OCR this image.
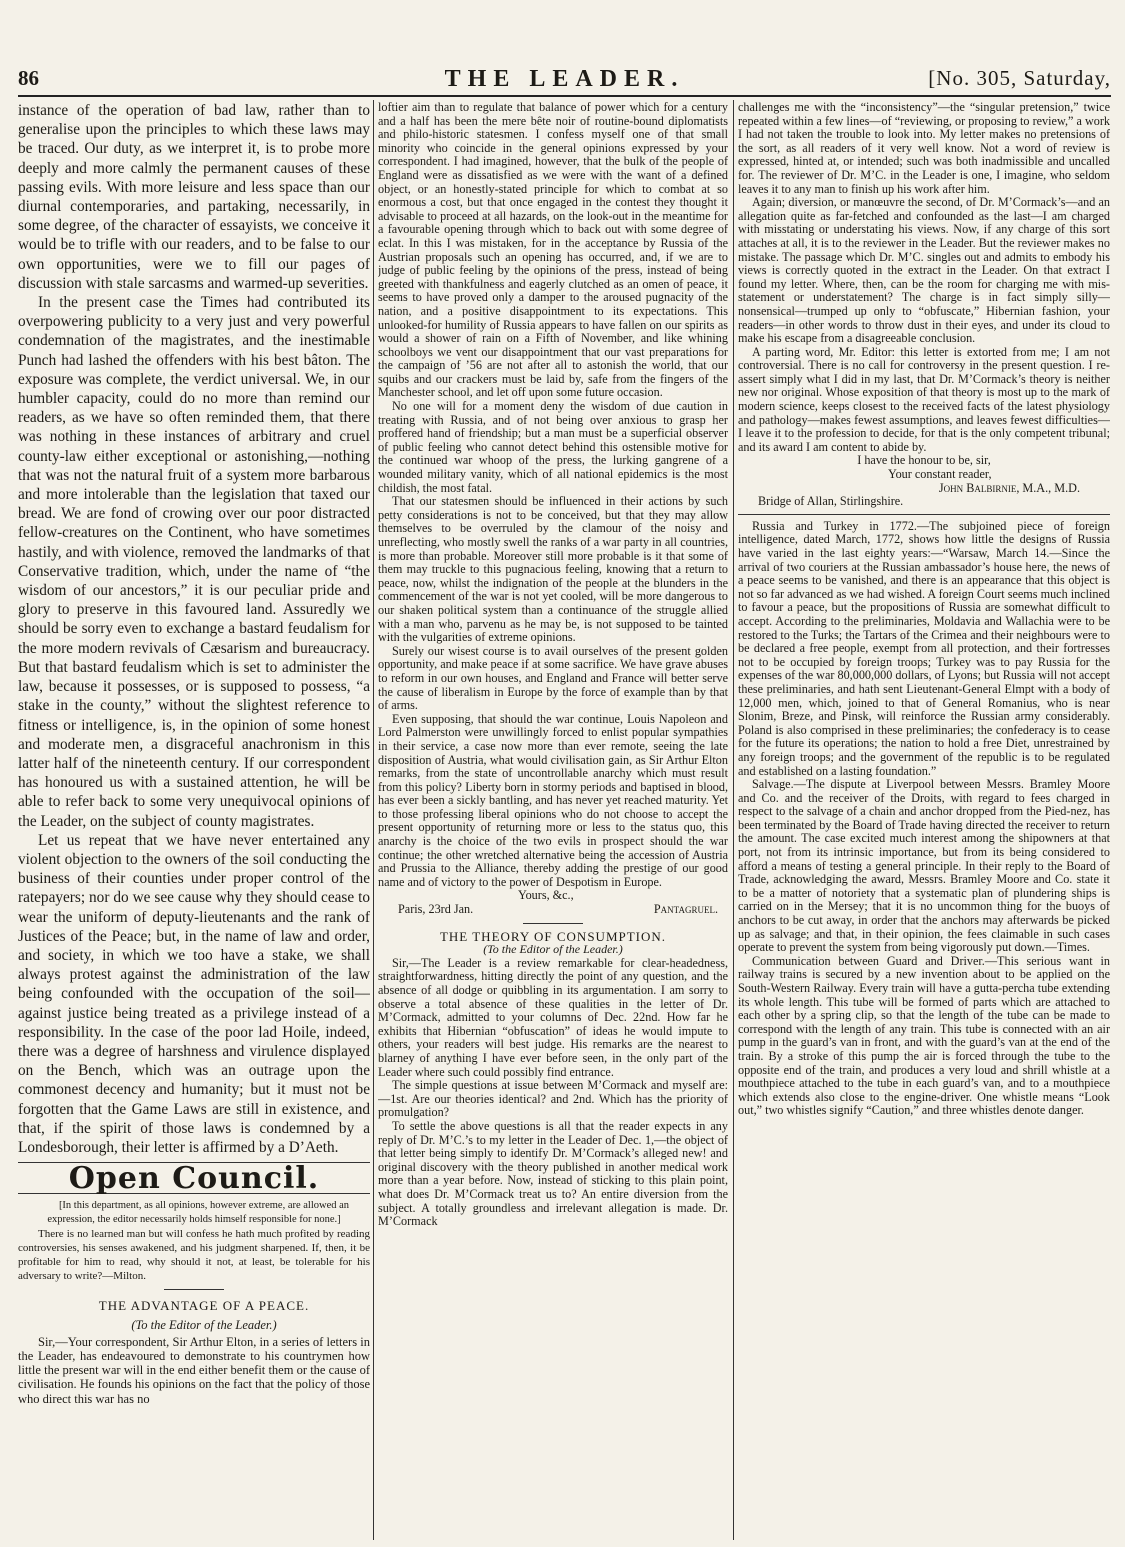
86	THE LEADER.	[No. 305, Saturday,

instance of the operation of bad law, rather than to generalise upon the principles to which these laws may be traced. Our duty, as we interpret it, is to probe more deeply and more calmly the permanent causes of these passing evils. With more leisure and less space than our diurnal contemporaries, and partaking, necessarily, in some degree, of the character of essayists, we conceive it would be to trifle with our readers, and to be false to our own opportunities, were we to fill our pages of discussion with stale sarcasms and warmed-up severities.

In the present case the Times had contributed its overpowering publicity to a very just and very powerful condemnation of the magistrates, and the inestimable Punch had lashed the offenders with his best bâton. The exposure was complete, the verdict universal. We, in our humbler capacity, could do no more than remind our readers, as we have so often reminded them, that there was nothing in these instances of arbitrary and cruel county-law either exceptional or astonishing,—nothing that was not the natural fruit of a system more barbarous and more intolerable than the legislation that taxed our bread. We are fond of crowing over our poor distracted fellow-creatures on the Continent, who have sometimes hastily, and with violence, removed the landmarks of that Conservative tradition, which, under the name of “the wisdom of our ancestors,” it is our peculiar pride and glory to preserve in this favoured land. Assuredly we should be sorry even to exchange a bastard feudalism for the more modern revivals of Cæsarism and bureaucracy. But that bastard feudalism which is set to administer the law, because it possesses, or is supposed to possess, “a stake in the county,” without the slightest reference to fitness or intelligence, is, in the opinion of some honest and moderate men, a disgraceful anachronism in this latter half of the nineteenth century. If our correspondent has honoured us with a sustained attention, he will be able to refer back to some very unequivocal opinions of the Leader, on the subject of county magistrates.

Let us repeat that we have never entertained any violent objection to the owners of the soil conducting the business of their counties under proper control of the ratepayers; nor do we see cause why they should cease to wear the uniform of deputy-lieutenants and the rank of Justices of the Peace; but, in the name of law and order, and society, in which we too have a stake, we shall always protest against the administration of the law being confounded with the occupation of the soil—against justice being treated as a privilege instead of a responsibility. In the case of the poor lad Hoile, indeed, there was a degree of harshness and virulence displayed on the Bench, which was an outrage upon the commonest decency and humanity; but it must not be forgotten that the Game Laws are still in existence, and that, if the spirit of those laws is condemned by a Londesborough, their letter is affirmed by a D’Aeth.

Open Council.

[In this department, as all opinions, however extreme, are allowed an expression, the editor necessarily holds himself responsible for none.]

There is no learned man but will confess he hath much profited by reading controversies, his senses awakened, and his judgment sharpened. If, then, it be profitable for him to read, why should it not, at least, be tolerable for his adversary to write?—Milton.

THE ADVANTAGE OF A PEACE.

(To the Editor of the Leader.)

Sir,—Your correspondent, Sir Arthur Elton, in a series of letters in the Leader, has endeavoured to demonstrate to his countrymen how little the present war will in the end either benefit them or the cause of civilisation. He founds his opinions on the fact that the policy of those who direct this war has no

loftier aim than to regulate that balance of power which for a century and a half has been the mere bête noir of routine-bound diplomatists and philo-historic statesmen. I confess myself one of that small minority who coincide in the general opinions expressed by your correspondent. I had imagined, however, that the bulk of the people of England were as dissatisfied as we were with the want of a defined object, or an honestly-stated principle for which to combat at so enormous a cost, but that once engaged in the contest they thought it advisable to proceed at all hazards, on the look-out in the meantime for a favourable opening through which to back out with some degree of eclat. In this I was mistaken, for in the acceptance by Russia of the Austrian proposals such an opening has occurred, and, if we are to judge of public feeling by the opinions of the press, instead of being greeted with thankfulness and eagerly clutched as an omen of peace, it seems to have proved only a damper to the aroused pugnacity of the nation, and a positive disappointment to its expectations. This unlooked-for humility of Russia appears to have fallen on our spirits as would a shower of rain on a Fifth of November, and like whining schoolboys we vent our disappointment that our vast preparations for the campaign of ’56 are not after all to astonish the world, that our squibs and our crackers must be laid by, safe from the fingers of the Manchester school, and let off upon some future occasion.

No one will for a moment deny the wisdom of due caution in treating with Russia, and of not being over anxious to grasp her proffered hand of friendship; but a man must be a superficial observer of public feeling who cannot detect behind this ostensible motive for the continued war whoop of the press, the lurking gangrene of a wounded military vanity, which of all national epidemics is the most childish, the most fatal.

That our statesmen should be influenced in their actions by such petty considerations is not to be conceived, but that they may allow themselves to be overruled by the clamour of the noisy and unreflecting, who mostly swell the ranks of a war party in all countries, is more than probable. Moreover still more probable is it that some of them may truckle to this pugnacious feeling, knowing that a return to peace, now, whilst the indignation of the people at the blunders in the commencement of the war is not yet cooled, will be more dangerous to our shaken political system than a continuance of the struggle allied with a man who, parvenu as he may be, is not supposed to be tainted with the vulgarities of extreme opinions.

Surely our wisest course is to avail ourselves of the present golden opportunity, and make peace if at some sacrifice. We have grave abuses to reform in our own houses, and England and France will better serve the cause of liberalism in Europe by the force of example than by that of arms.

Even supposing, that should the war continue, Louis Napoleon and Lord Palmerston were unwillingly forced to enlist popular sympathies in their service, a case now more than ever remote, seeing the late disposition of Austria, what would civilisation gain, as Sir Arthur Elton remarks, from the state of uncontrollable anarchy which must result from this policy? Liberty born in stormy periods and baptised in blood, has ever been a sickly bantling, and has never yet reached maturity. Yet to those professing liberal opinions who do not choose to accept the present opportunity of returning more or less to the status quo, this anarchy is the choice of the two evils in prospect should the war continue; the other wretched alternative being the accession of Austria and Prussia to the Alliance, thereby adding the prestige of our good name and of victory to the power of Despotism in Europe.

Yours, &c.,

Paris, 23rd Jan.	Pantagruel.

THE THEORY OF CONSUMPTION.

(To the Editor of the Leader.)

Sir,—The Leader is a review remarkable for clear-headedness, straightforwardness, hitting directly the point of any question, and the absence of all dodge or quibbling in its argumentation. I am sorry to observe a total absence of these qualities in the letter of Dr. M’Cormack, admitted to your columns of Dec. 22nd. How far he exhibits that Hibernian “obfuscation” of ideas he would impute to others, your readers will best judge. His remarks are the nearest to blarney of anything I have ever before seen, in the only part of the Leader where such could possibly find entrance.

The simple questions at issue between M’Cormack and myself are:—1st. Are our theories identical? and 2nd. Which has the priority of promulgation?

To settle the above questions is all that the reader expects in any reply of Dr. M’C.’s to my letter in the Leader of Dec. 1,—the object of that letter being simply to identify Dr. M’Cormack’s alleged new! and original discovery with the theory published in another medical work more than a year before. Now, instead of sticking to this plain point, what does Dr. M’Cormack treat us to? An entire diversion from the subject. A totally groundless and irrelevant allegation is made. Dr. M’Cormack

challenges me with the “inconsistency”—the “singular pretension,” twice repeated within a few lines—of “reviewing, or proposing to review,” a work I had not taken the trouble to look into. My letter makes no pretensions of the sort, as all readers of it very well know. Not a word of review is expressed, hinted at, or intended; such was both inadmissible and uncalled for. The reviewer of Dr. M’C. in the Leader is one, I imagine, who seldom leaves it to any man to finish up his work after him.

Again; diversion, or manœuvre the second, of Dr. M’Cormack’s—and an allegation quite as far-fetched and confounded as the last—I am charged with misstating or understating his views. Now, if any charge of this sort attaches at all, it is to the reviewer in the Leader. But the reviewer makes no mistake. The passage which Dr. M’C. singles out and admits to embody his views is correctly quoted in the extract in the Leader. On that extract I found my letter. Where, then, can be the room for charging me with mis-statement or understatement? The charge is in fact simply silly—nonsensical—trumped up only to “obfuscate,” Hibernian fashion, your readers—in other words to throw dust in their eyes, and under its cloud to make his escape from a disagreeable conclusion.

A parting word, Mr. Editor: this letter is extorted from me; I am not controversial. There is no call for controversy in the present question. I re-assert simply what I did in my last, that Dr. M’Cormack’s theory is neither new nor original. Whose exposition of that theory is most up to the mark of modern science, keeps closest to the received facts of the latest physiology and pathology—makes fewest assumptions, and leaves fewest difficulties—I leave it to the profession to decide, for that is the only competent tribunal; and its award I am content to abide by.

I have the honour to be, sir,

Your constant reader,

John Balbirnie, M.A., M.D.

Bridge of Allan, Stirlingshire.

Russia and Turkey in 1772.—The subjoined piece of foreign intelligence, dated March, 1772, shows how little the designs of Russia have varied in the last eighty years:—“Warsaw, March 14.—Since the arrival of two couriers at the Russian ambassador’s house here, the news of a peace seems to be vanished, and there is an appearance that this object is not so far advanced as we had wished. A foreign Court seems much inclined to favour a peace, but the propositions of Russia are somewhat difficult to accept. According to the preliminaries, Moldavia and Wallachia were to be restored to the Turks; the Tartars of the Crimea and their neighbours were to be declared a free people, exempt from all protection, and their fortresses not to be occupied by foreign troops; Turkey was to pay Russia for the expenses of the war 80,000,000 dollars, of Lyons; but Russia will not accept these preliminaries, and hath sent Lieutenant-General Elmpt with a body of 12,000 men, which, joined to that of General Romanius, who is near Slonim, Breze, and Pinsk, will reinforce the Russian army considerably. Poland is also comprised in these preliminaries; the confederacy is to cease for the future its operations; the nation to hold a free Diet, unrestrained by any foreign troops; and the government of the republic is to be regulated and established on a lasting foundation.”

Salvage.—The dispute at Liverpool between Messrs. Bramley Moore and Co. and the receiver of the Droits, with regard to fees charged in respect to the salvage of a chain and anchor dropped from the Pied-nez, has been terminated by the Board of Trade having directed the receiver to return the amount. The case excited much interest among the shipowners at that port, not from its intrinsic importance, but from its being considered to afford a means of testing a general principle. In their reply to the Board of Trade, acknowledging the award, Messrs. Bramley Moore and Co. state it to be a matter of notoriety that a systematic plan of plundering ships is carried on in the Mersey; that it is no uncommon thing for the buoys of anchors to be cut away, in order that the anchors may afterwards be picked up as salvage; and that, in their opinion, the fees claimable in such cases operate to prevent the system from being vigorously put down.—Times.

Communication between Guard and Driver.—This serious want in railway trains is secured by a new invention about to be applied on the South-Western Railway. Every train will have a gutta-percha tube extending its whole length. This tube will be formed of parts which are attached to each other by a spring clip, so that the length of the tube can be made to correspond with the length of any train. This tube is connected with an air pump in the guard’s van in front, and with the guard’s van at the end of the train. By a stroke of this pump the air is forced through the tube to the opposite end of the train, and produces a very loud and shrill whistle at a mouthpiece attached to the tube in each guard’s van, and to a mouthpiece which extends also close to the engine-driver. One whistle means “Look out,” two whistles signify “Caution,” and three whistles denote danger.
